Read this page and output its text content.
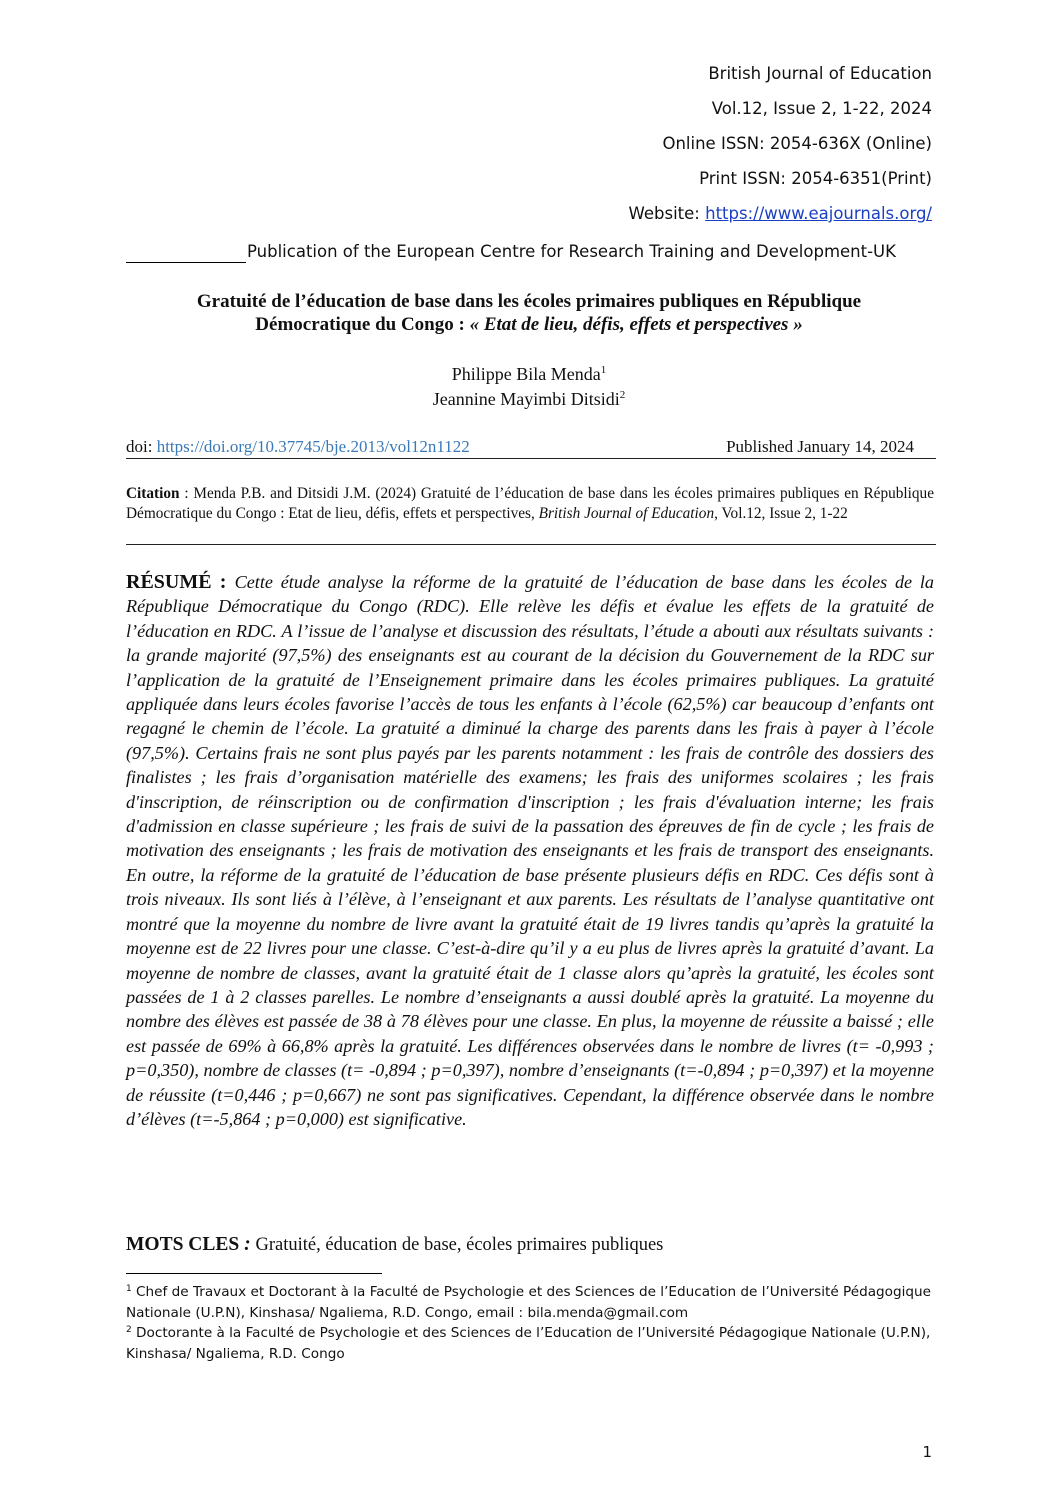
British Journal of Education
Vol.12, Issue 2, 1-22, 2024
Online ISSN: 2054-636X (Online)
Print ISSN: 2054-6351(Print)
Website: https://www.eajournals.org/
Publication of the European Centre for Research Training and Development-UK
Gratuité de l’éducation de base dans les écoles primaires publiques en République
Démocratique du Congo : « Etat de lieu, défis, effets et perspectives »
Philippe Bila Menda$^1$
Jeannine Mayimbi Ditsidi$^2$
doi: https://doi.org/10.37745/bje.2013/vol12n1122	Published January 14, 2024
Citation : Menda P.B. and Ditsidi J.M. (2024) Gratuité de l’éducation de base dans les écoles primaires publiques en République Démocratique du Congo : Etat de lieu, défis, effets et perspectives, British Journal of Education, Vol.12, Issue 2, 1-22
RÉSUMÉ : Cette étude analyse la réforme de la gratuité de l’éducation de base dans les écoles de la République Démocratique du Congo (RDC). Elle relève les défis et évalue les effets de la gratuité de l’éducation en RDC. A l’issue de l’analyse et discussion des résultats, l’étude a abouti aux résultats suivants : la grande majorité (97,5%) des enseignants est au courant de la décision du Gouvernement de la RDC sur l’application de la gratuité de l’Enseignement primaire dans les écoles primaires publiques. La gratuité appliquée dans leurs écoles favorise l’accès de tous les enfants à l’école (62,5%) car beaucoup d’enfants ont regagné le chemin de l’école. La gratuité a diminué la charge des parents dans les frais à payer à l’école (97,5%). Certains frais ne sont plus payés par les parents notamment : les frais de contrôle des dossiers des finalistes ; les frais d’organisation matérielle des examens; les frais des uniformes scolaires ; les frais d'inscription, de réinscription ou de confirmation d'inscription ; les frais d'évaluation interne; les frais d'admission en classe supérieure ; les frais de suivi de la passation des épreuves de fin de cycle ; les frais de motivation des enseignants ; les frais de motivation des enseignants et les frais de transport des enseignants. En outre, la réforme de la gratuité de l’éducation de base présente plusieurs défis en RDC. Ces défis sont à trois niveaux. Ils sont liés à l’élève, à l’enseignant et aux parents. Les résultats de l’analyse quantitative ont montré que la moyenne du nombre de livre avant la gratuité était de 19 livres tandis qu’après la gratuité la moyenne est de 22 livres pour une classe. C’est-à-dire qu’il y a eu plus de livres après la gratuité d’avant. La moyenne de nombre de classes, avant la gratuité était de 1 classe alors qu’après la gratuité, les écoles sont passées de 1 à 2 classes parelles. Le nombre d’enseignants a aussi doublé après la gratuité. La moyenne du nombre des élèves est passée de 38 à 78 élèves pour une classe. En plus, la moyenne de réussite a baissé ; elle est passée de 69% à 66,8% après la gratuité. Les différences observées dans le nombre de livres (t= -0,993 ; p=0,350), nombre de classes (t= -0,894 ; p=0,397), nombre d’enseignants (t=-0,894 ; p=0,397) et la moyenne de réussite (t=0,446 ; p=0,667) ne sont pas significatives. Cependant, la différence observée dans le nombre d’élèves (t=-5,864 ; p=0,000) est significative.
MOTS CLES : Gratuité, éducation de base, écoles primaires publiques

$^1$ Chef de Travaux et Doctorant à la Faculté de Psychologie et des Sciences de l’Education de l’Université Pédagogique Nationale (U.P.N), Kinshasa/ Ngaliema, R.D. Congo, email : bila.menda@gmail.com

$^2$ Doctorante à la Faculté de Psychologie et des Sciences de l’Education de l’Université Pédagogique Nationale (U.P.N), Kinshasa/ Ngaliema, R.D. Congo

1
